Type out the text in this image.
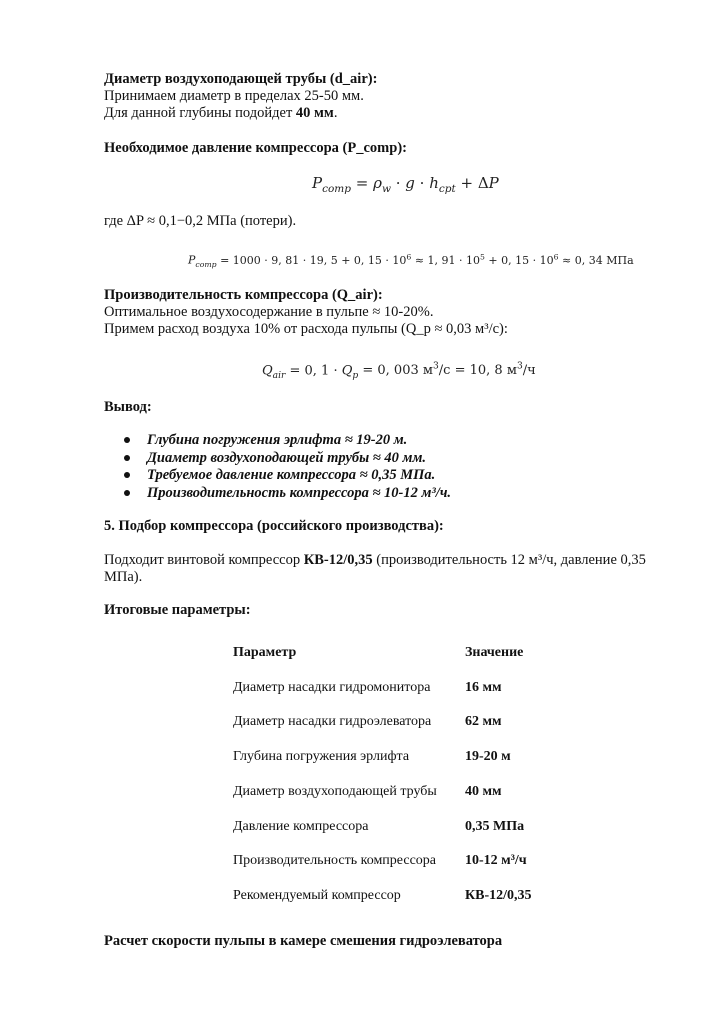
Диаметр воздухоподающей трубы (d_air):
Принимаем диаметр в пределах 25-50 мм.
Для данной глубины подойдет 40 мм.
Необходимое давление компрессора (P_comp):
$P_{comp} = \rho_w \cdot g \cdot h_{cpt} + \Delta P$
где ΔP ≈ 0,1−0,2 МПа (потери).
$P_{comp} = 1000 \cdot 9$, 81 · 19, 5 + 0, $15 \cdot 10^6 \approx 1$, $91 \cdot 10^5 + 0$, $15 \cdot 10^6 \approx 0$, 34 МПа
Производительность компрессора (Q_air):
Оптимальное воздухосодержание в пульпе ≈ 10-20%.
Примем расход воздуха 10% от расхода пульпы (Q_p ≈ 0,03 м³/с):
$Q_{air} = 0$, $1 \cdot Q_p = 0$, 003 $м^3/с = 10$, 8 $м^3/ч$
Вывод:
Глубина погружения эрлифта ≈ 19-20 м.
Диаметр воздухоподающей трубы ≈ 40 мм.
Требуемое давление компрессора ≈ 0,35 МПа.
Производительность компрессора ≈ 10-12 м³/ч.
5. Подбор компрессора (российского производства):
Подходит винтовой компрессор КВ-12/0,35 (производительность 12 м³/ч, давление 0,35
МПа).
Итоговые параметры:
Параметр	Значение
Диаметр насадки гидромонитора 16 мм
Диаметр насадки гидроэлеватора 62 мм
Глубина погружения эрлифта	19-20 м
Диаметр воздухоподающей трубы 40 мм
Давление компрессора	0,35 МПа
Производительность компрессора 10-12 м³/ч
Рекомендуемый компрессор	КВ-12/0,35
Расчет скорости пульпы в камере смешения гидроэлеватора
